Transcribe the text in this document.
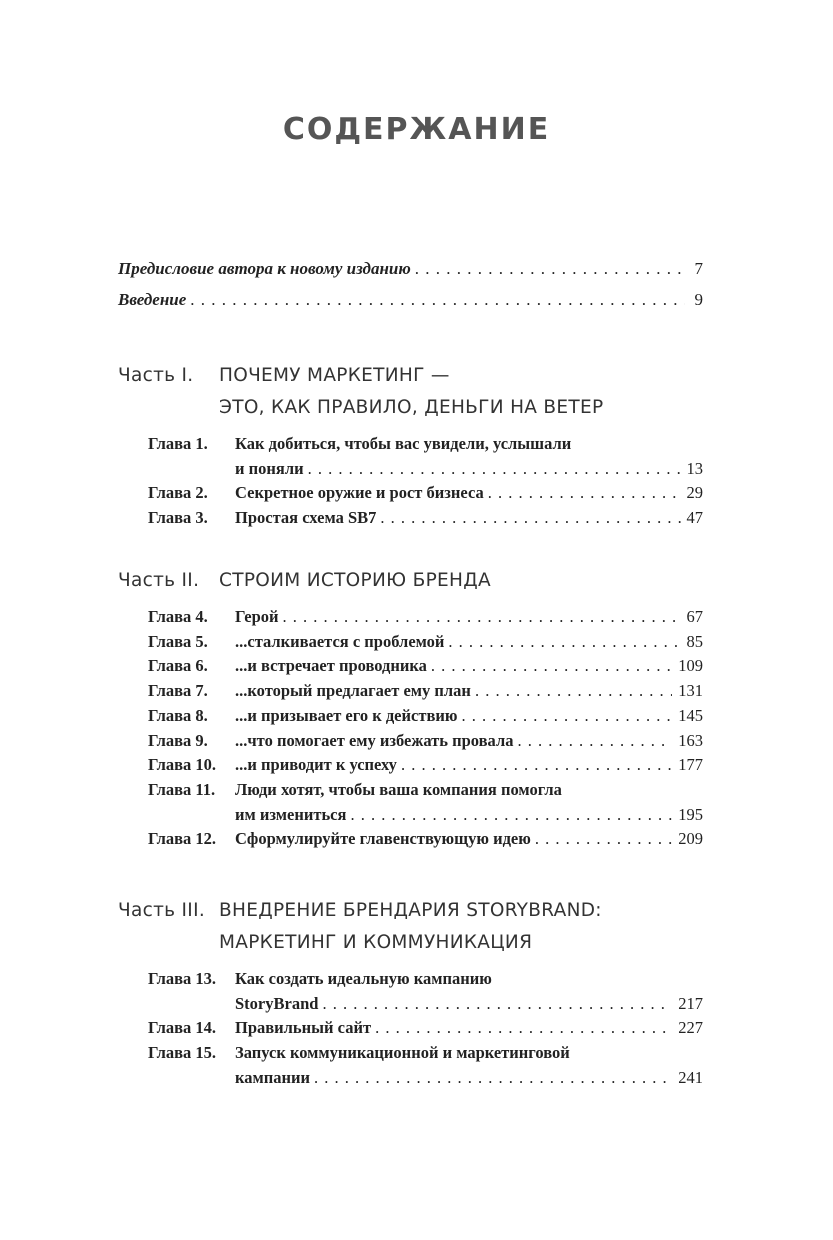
СОДЕРЖАНИЕ
Предисловие автора к новому изданию . . .	7
Введение . . .	9
Часть I. ПОЧЕМУ МАРКЕТИНГ —
ЭТО, КАК ПРАВИЛО, ДЕНЬГИ НА ВЕТЕР
Глава 1.	Как добиться, чтобы вас увидели, услышали
и поняли . . .	13
Глава 2.	Секретное оружие и рост бизнеса . . .	29
Глава 3.	Простая схема SB7 . . .	47
Часть II. СТРОИМ ИСТОРИЮ БРЕНДА
Глава 4.	Герой . . .	67
Глава 5.	...сталкивается с проблемой . . .	85
Глава 6.	...и встречает проводника . . .	109
Глава 7.	...который предлагает ему план . . .	131
Глава 8.	...и призывает его к действию . . .	145
Глава 9.	...что помогает ему избежать провала . . .	163
Глава 10.	...и приводит к успеху . . .	177
Глава 11.	Люди хотят, чтобы ваша компания помогла
им измениться . . .	195
Глава 12.	Сформулируйте главенствующую идею . . .	209
Часть III. ВНЕДРЕНИЕ БРЕНДАРИЯ STORYBRAND:
МАРКЕТИНГ И КОММУНИКАЦИЯ
Глава 13.	Как создать идеальную кампанию
StoryBrand . . .	217
Глава 14.	Правильный сайт . . .	227
Глава 15.	Запуск коммуникационной и маркетинговой
кампании . . .	241
